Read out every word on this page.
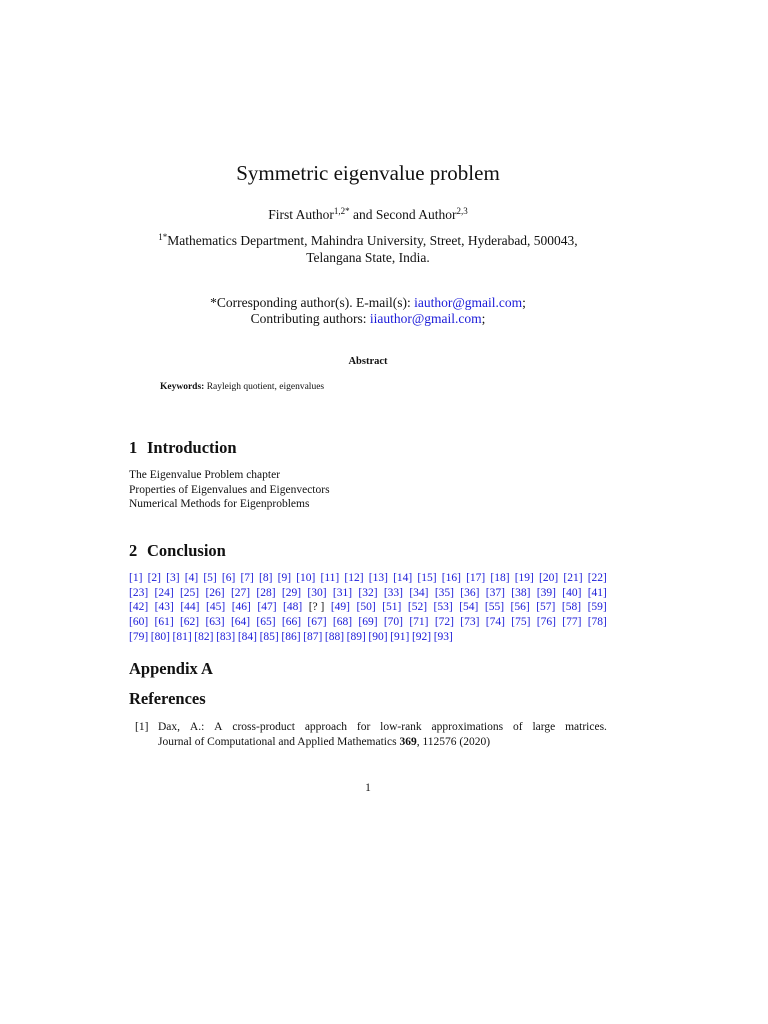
Symmetric eigenvalue problem
First Author$^{1,2*}$ and Second Author$^{2,3}$
$^{1*}$Mathematics Department, Mahindra University, Street, Hyderabad, 500043,
Telangana State, India.
*Corresponding author(s). E-mail(s): iauthor@gmail.com;
Contributing authors: iiauthor@gmail.com;
Abstract
Keywords: Rayleigh quotient, eigenvalues
1 Introduction
The Eigenvalue Problem chapter
Properties of Eigenvalues and Eigenvectors
Numerical Methods for Eigenproblems
2 Conclusion
[1] [2] [3] [4] [5] [6] [7] [8] [9] [10] [11] [12] [13] [14] [15] [16] [17] [18] [19] [20] [21] [22]
[23] [24] [25] [26] [27] [28] [29] [30] [31] [32] [33] [34] [35] [36] [37] [38] [39] [40] [41]
[42] [43] [44] [45] [46] [47] [48] [? ] [49] [50] [51] [52] [53] [54] [55] [56] [57] [58] [59]
[60] [61] [62] [63] [64] [65] [66] [67] [68] [69] [70] [71] [72] [73] [74] [75] [76] [77] [78]
[79] [80] [81] [82] [83] [84] [85] [86] [87] [88] [89] [90] [91] [92] [93]
Appendix A
References
[1] Dax, A.: A cross-product approach for low-rank approximations of large matrices.
Journal of Computational and Applied Mathematics 369, 112576 (2020)
1
